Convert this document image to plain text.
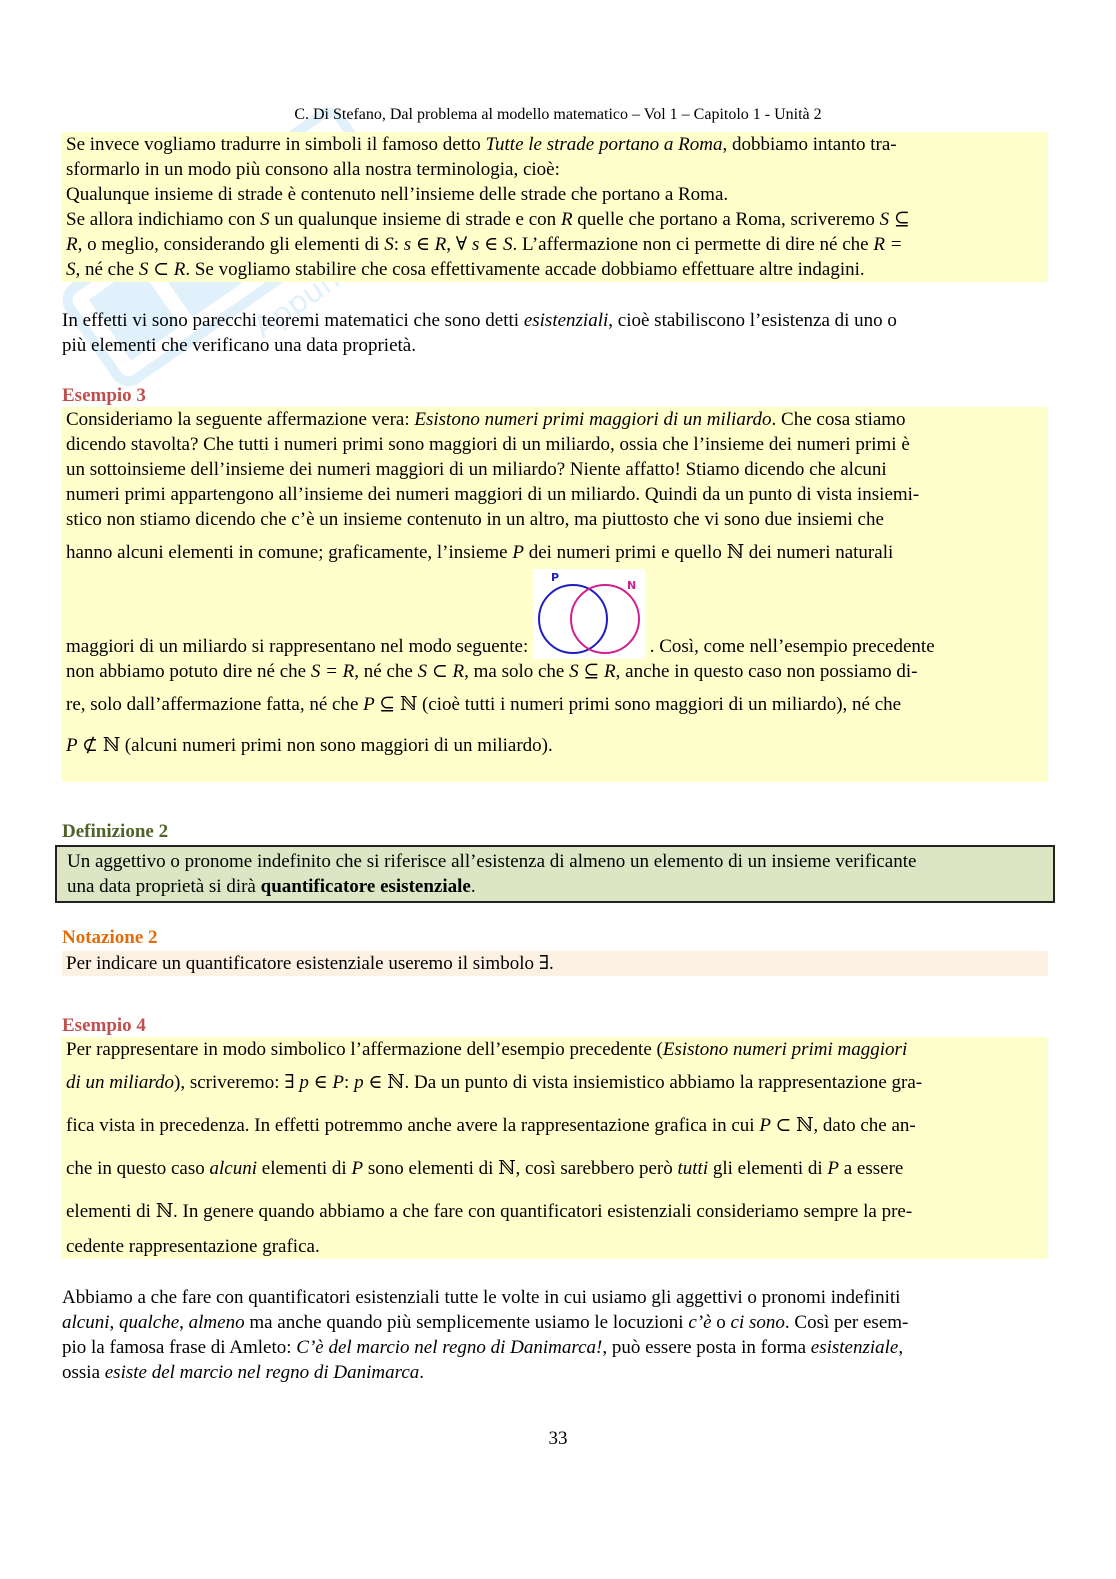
C. Di Stefano, Dal problema al modello matematico – Vol 1 – Capitolo 1 - Unità 2
Se invece vogliamo tradurre in simboli il famoso detto Tutte le strade portano a Roma, dobbiamo intanto tra-
sformarlo in un modo più consono alla nostra terminologia, cioè:
Qualunque insieme di strade è contenuto nell’insieme delle strade che portano a Roma.
Se allora indichiamo con S un qualunque insieme di strade e con R quelle che portano a Roma, scriveremo S ⊆
R, o meglio, considerando gli elementi di S: s ∈ R, ∀ s ∈ S. L’affermazione non ci permette di dire né che R =
S, né che S ⊂ R. Se vogliamo stabilire che cosa effettivamente accade dobbiamo effettuare altre indagini.
In effetti vi sono parecchi teoremi matematici che sono detti esistenziali, cioè stabiliscono l’esistenza di uno o
più elementi che verificano una data proprietà.
Esempio 3
Consideriamo la seguente affermazione vera: Esistono numeri primi maggiori di un miliardo. Che cosa stiamo
dicendo stavolta? Che tutti i numeri primi sono maggiori di un miliardo, ossia che l’insieme dei numeri primi è
un sottoinsieme dell’insieme dei numeri maggiori di un miliardo? Niente affatto! Stiamo dicendo che alcuni
numeri primi appartengono all’insieme dei numeri maggiori di un miliardo. Quindi da un punto di vista insiemi-
stico non stiamo dicendo che c’è un insieme contenuto in un altro, ma piuttosto che vi sono due insiemi che
hanno alcuni elementi in comune; graficamente, l’insieme P dei numeri primi e quello ℕ dei numeri naturali
maggiori di un miliardo si rappresentano nel modo seguente:
P
N
. Così, come nell’esempio precedente
non abbiamo potuto dire né che S = R, né che S ⊂ R, ma solo che S ⊆ R, anche in questo caso non possiamo di-
re, solo dall’affermazione fatta, né che P ⊆ ℕ (cioè tutti i numeri primi sono maggiori di un miliardo), né che
P ⊄ ℕ (alcuni numeri primi non sono maggiori di un miliardo).
Definizione 2
Un aggettivo o pronome indefinito che si riferisce all’esistenza di almeno un elemento di un insieme verificante
una data proprietà si dirà quantificatore esistenziale.
Notazione 2
Per indicare un quantificatore esistenziale useremo il simbolo ∃.
Esempio 4
Per rappresentare in modo simbolico l’affermazione dell’esempio precedente (Esistono numeri primi maggiori
di un miliardo), scriveremo: ∃ p ∈ P: p ∈ ℕ. Da un punto di vista insiemistico abbiamo la rappresentazione gra-
fica vista in precedenza. In effetti potremmo anche avere la rappresentazione grafica in cui P ⊂ ℕ, dato che an-
che in questo caso alcuni elementi di P sono elementi di ℕ, così sarebbero però tutti gli elementi di P a essere
elementi di ℕ. In genere quando abbiamo a che fare con quantificatori esistenziali consideriamo sempre la pre-
cedente rappresentazione grafica.
Abbiamo a che fare con quantificatori esistenziali tutte le volte in cui usiamo gli aggettivi o pronomi indefiniti
alcuni, qualche, almeno ma anche quando più semplicemente usiamo le locuzioni c’è o ci sono. Così per esem-
pio la famosa frase di Amleto: C’è del marcio nel regno di Danimarca!, può essere posta in forma esistenziale,
ossia esiste del marcio nel regno di Danimarca.
33
